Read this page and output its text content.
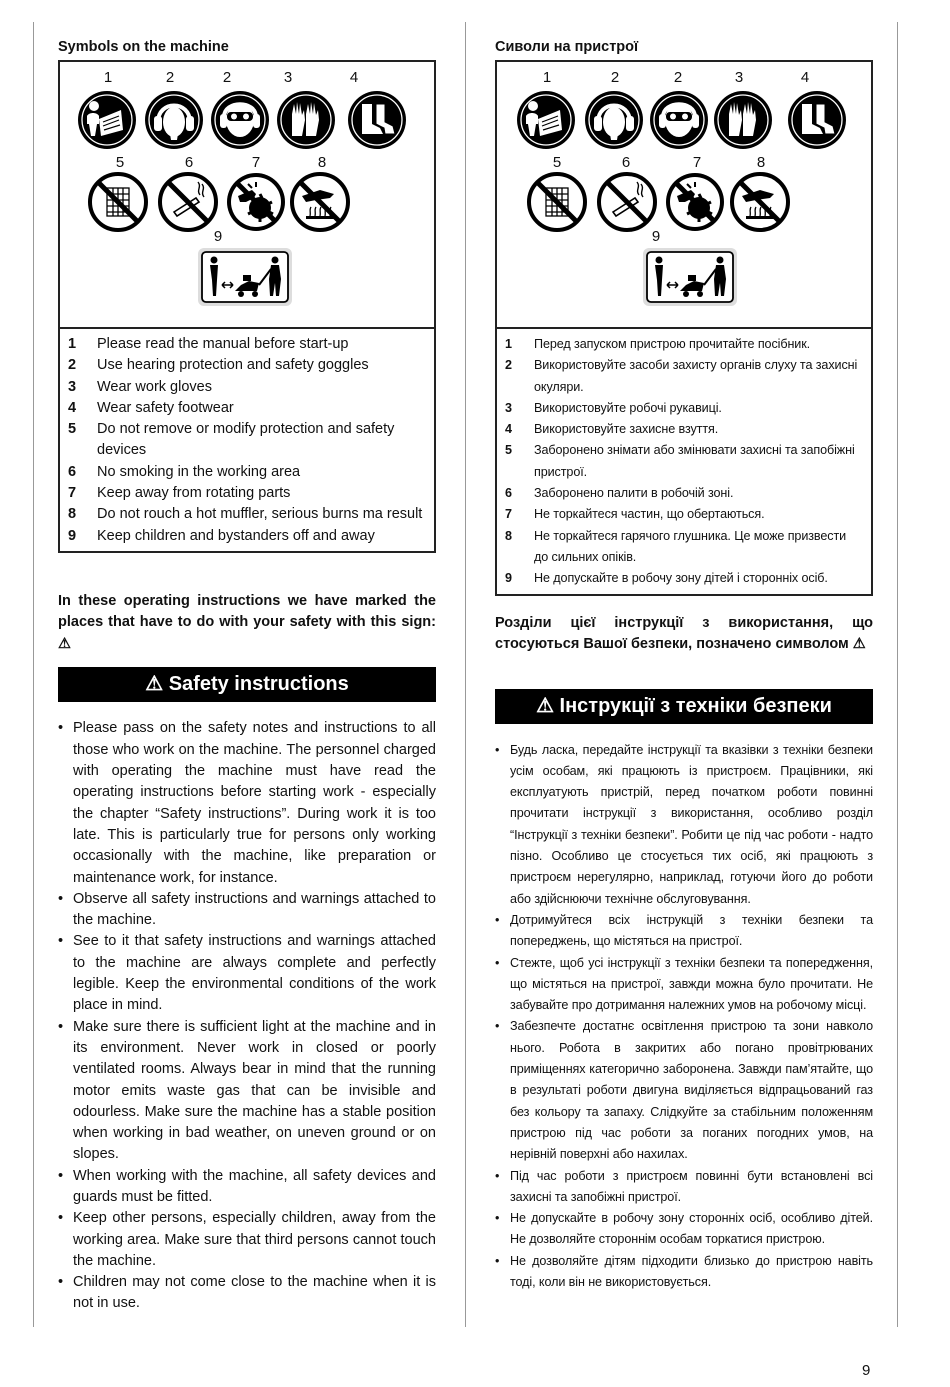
Symbols on the machine
1	2	2	3	4
5	6	7	8
9
1	Please read the manual before start-up
2	Use hearing protection and safety goggles
3	Wear work gloves
4	Wear safety footwear
5	Do not remove or modify protection and safety devices
6	No smoking in the working area
7	Keep away from rotating parts
8	Do not rouch a hot muffler, serious burns ma result
9	Keep children and bystanders off and away

In these operating instructions we have marked the places that have to do with your safety with this sign: ⚠

⚠ Safety instructions
• Please pass on the safety notes and instructions to all those who work on the machine. The personnel charged with operating the machine must have read the operating instructions before starting work - especially the chapter “Safety instructions”. During work it is too late. This is particularly true for persons only working occasionally with the machine, like preparation or maintenance work, for instance.
• Observe all safety instructions and warnings attached to the machine.
• See to it that safety instructions and warnings attached to the machine are always complete and perfectly legible. Keep the environmental conditions of the work place in mind.
• Make sure there is sufficient light at the machine and in its environment. Never work in closed or poorly ventilated rooms. Always bear in mind that the running motor emits waste gas that can be invisible and odourless. Make sure the machine has a stable position when working in bad weather, on uneven ground or on slopes.
• When working with the machine, all safety devices and guards must be fitted.
• Keep other persons, especially children, away from the working area. Make sure that third persons cannot touch the machine.
• Children may not come close to the machine when it is not in use.
Сиволи на пристрої
1	2	2	3	4
5	6	7	8
9
1	Перед запуском пристрою прочитайте посібник.
2	Використовуйте засоби захисту органів слуху та захисні окуляри.
3	Використовуйте робочі рукавиці.
4	Використовуйте захисне взуття.
5	Заборонено знімати або змінювати захисні та запобіжні пристрої.
6	Заборонено палити в робочій зоні.
7	Не торкайтеся частин, що обертаються.
8	Не торкайтеся гарячого глушника. Це може призвести до сильних опіків.
9	Не допускайте в робочу зону дітей і сторонніх осіб.

Розділи цієї інструкції з використання, що стосуються Вашої безпеки, позначено символом ⚠

⚠ Інструкції з техніки безпеки
• Будь ласка, передайте інструкції та вказівки з техніки безпеки усім особам, які працюють із пристроєм. Працівники, які експлуатують пристрій, перед початком роботи повинні прочитати інструкції з використання, особливо розділ “Інструкції з техніки безпеки”. Робити це під час роботи - надто пізно. Особливо це стосується тих осіб, які працюють з пристроєм нерегулярно, наприклад, готуючи його до роботи або здійснюючи технічне обслуговування.
• Дотримуйтеся всіх інструкцій з техніки безпеки та попереджень, що містяться на пристрої.
• Стежте, щоб усі інструкції з техніки безпеки та попередження, що містяться на пристрої, завжди можна було прочитати. Не забувайте про дотримання належних умов на робочому місці.
• Забезпечте достатнє освітлення пристрою та зони навколо нього. Робота в закритих або погано провітрюваних приміщеннях категорично заборонена. Завжди пам’ятайте, що в результаті роботи двигуна виділяється відпрацьований газ без кольору та запаху. Слідкуйте за стабільним положенням пристрою під час роботи за поганих погодних умов, на нерівній поверхні або нахилах.
• Під час роботи з пристроєм повинні бути встановлені всі захисні та запобіжні пристрої.
• Не допускайте в робочу зону сторонніх осіб, особливо дітей. Не дозволяйте стороннім особам торкатися пристрою.
• Не дозволяйте дітям підходити близько до пристрою навіть тоді, коли він не використовується.
9
